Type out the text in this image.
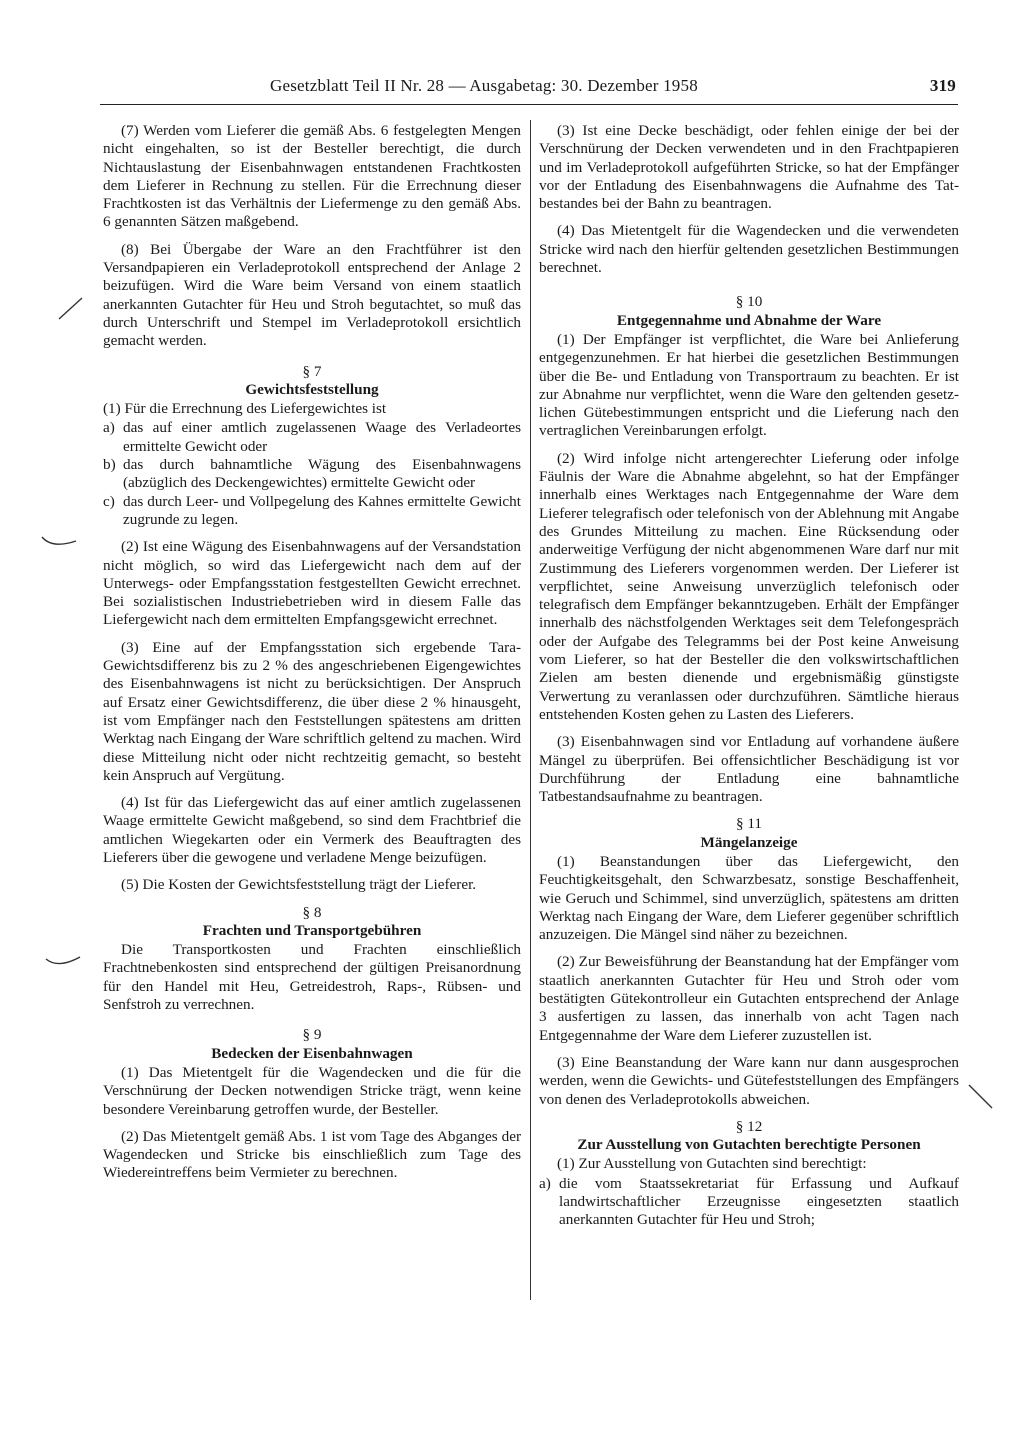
Gesetzblatt Teil II Nr. 28 — Ausgabetag: 30. Dezember 1958	319

(7) Werden vom Lieferer die gemäß Abs. 6 festgelegten Mengen nicht eingehalten, so ist der Besteller berechtigt, die durch Nichtauslastung der Eisenbahnwagen entstandenen Frachtkosten dem Lieferer in Rechnung zu stellen. Für die Errechnung dieser Frachtkosten ist das Verhältnis der Liefermenge zu den gemäß Abs. 6 genannten Sätzen maßgebend.

(8) Bei Übergabe der Ware an den Frachtführer ist den Versandpapieren ein Verladeprotokoll entsprechend der Anlage 2 beizufügen. Wird die Ware beim Versand von einem staatlich anerkannten Gutachter für Heu und Stroh begutachtet, so muß das durch Unterschrift und Stempel im Verladeprotokoll ersichtlich gemacht werden.

§ 7
Gewichtsfeststellung

(1) Für die Errechnung des Liefergewichtes ist

a) das auf einer amtlich zugelassenen Waage des Verladeortes ermittelte Gewicht oder
b) das durch bahnamtliche Wägung des Eisenbahnwagens (abzüglich des Deckengewichtes) ermittelte Gewicht oder
c) das durch Leer- und Vollpegelung des Kahnes ermittelte Gewicht zugrunde zu legen.

(2) Ist eine Wägung des Eisenbahnwagens auf der Versandstation nicht möglich, so wird das Liefergewicht nach dem auf der Unterwegs- oder Empfangsstation festgestellten Gewicht errechnet. Bei sozialistischen Industriebetrieben wird in diesem Falle das Liefergewicht nach dem ermittelten Empfangsgewicht errechnet.

(3) Eine auf der Empfangsstation sich ergebende Tara-Gewichtsdifferenz bis zu 2 % des angeschriebenen Eigengewichtes des Eisenbahnwagens ist nicht zu berücksichtigen. Der Anspruch auf Ersatz einer Gewichtsdifferenz, die über diese 2 % hinausgeht, ist vom Empfänger nach den Feststellungen spätestens am dritten Werktag nach Eingang der Ware schriftlich geltend zu machen. Wird diese Mitteilung nicht oder nicht rechtzeitig gemacht, so besteht kein Anspruch auf Vergütung.

(4) Ist für das Liefergewicht das auf einer amtlich zugelassenen Waage ermittelte Gewicht maßgebend, so sind dem Frachtbrief die amtlichen Wiegekarten oder ein Vermerk des Beauftragten des Lieferers über die gewogene und verladene Menge beizufügen.

(5) Die Kosten der Gewichtsfeststellung trägt der Lieferer.

§ 8
Frachten und Transportgebühren

Die Transportkosten und Frachten einschließlich Frachtnebenkosten sind entsprechend der gültigen Preisanordnung für den Handel mit Heu, Getreidestroh, Raps-, Rübsen- und Senfstroh zu verrechnen.

§ 9
Bedecken der Eisenbahnwagen

(1) Das Mietentgelt für die Wagendecken und die für die Verschnürung der Decken notwendigen Stricke trägt, wenn keine besondere Vereinbarung getroffen wurde, der Besteller.

(2) Das Mietentgelt gemäß Abs. 1 ist vom Tage des Abganges der Wagendecken und Stricke bis einschließlich zum Tage des Wiedereintreffens beim Vermieter zu berechnen.

(3) Ist eine Decke beschädigt, oder fehlen einige der bei der Verschnürung der Decken verwendeten und in den Frachtpapieren und im Verladeprotokoll aufgeführten Stricke, so hat der Empfänger vor der Entladung des Eisenbahnwagens die Aufnahme des Tatbestandes bei der Bahn zu beantragen.

(4) Das Mietentgelt für die Wagendecken und die verwendeten Stricke wird nach den hierfür geltenden gesetzlichen Bestimmungen berechnet.

§ 10
Entgegennahme und Abnahme der Ware

(1) Der Empfänger ist verpflichtet, die Ware bei Anlieferung entgegenzunehmen. Er hat hierbei die gesetzlichen Bestimmungen über die Be- und Entladung von Transportraum zu beachten. Er ist zur Abnahme nur verpflichtet, wenn die Ware den geltenden gesetzlichen Gütebestimmungen entspricht und die Lieferung nach den vertraglichen Vereinbarungen erfolgt.

(2) Wird infolge nicht artengerechter Lieferung oder infolge Fäulnis der Ware die Abnahme abgelehnt, so hat der Empfänger innerhalb eines Werktages nach Entgegennahme der Ware dem Lieferer telegrafisch oder telefonisch von der Ablehnung mit Angabe des Grundes Mitteilung zu machen. Eine Rücksendung oder anderweitige Verfügung der nicht abgenommenen Ware darf nur mit Zustimmung des Lieferers vorgenommen werden. Der Lieferer ist verpflichtet, seine Anweisung unverzüglich telefonisch oder telegrafisch dem Empfänger bekanntzugeben. Erhält der Empfänger innerhalb des nächstfolgenden Werktages seit dem Telefongespräch oder der Aufgabe des Telegramms bei der Post keine Anweisung vom Lieferer, so hat der Besteller die den volkswirtschaftlichen Zielen am besten dienende und ergebnismäßig günstigste Verwertung zu veranlassen oder durchzuführen. Sämtliche hieraus entstehenden Kosten gehen zu Lasten des Lieferers.

(3) Eisenbahnwagen sind vor Entladung auf vorhandene äußere Mängel zu überprüfen. Bei offensichtlicher Beschädigung ist vor Durchführung der Entladung eine bahnamtliche Tatbestandsaufnahme zu beantragen.

§ 11
Mängelanzeige

(1) Beanstandungen über das Liefergewicht, den Feuchtigkeitsgehalt, den Schwarzbesatz, sonstige Beschaffenheit, wie Geruch und Schimmel, sind unverzüglich, spätestens am dritten Werktag nach Eingang der Ware, dem Lieferer gegenüber schriftlich anzuzeigen. Die Mängel sind näher zu bezeichnen.

(2) Zur Beweisführung der Beanstandung hat der Empfänger vom staatlich anerkannten Gutachter für Heu und Stroh oder vom bestätigten Gütekontrolleur ein Gutachten entsprechend der Anlage 3 ausfertigen zu lassen, das innerhalb von acht Tagen nach Entgegennahme der Ware dem Lieferer zuzustellen ist.

(3) Eine Beanstandung der Ware kann nur dann ausgesprochen werden, wenn die Gewichts- und Gütefeststellungen des Empfängers von denen des Verladeprotokolls abweichen.

§ 12
Zur Ausstellung von Gutachten berechtigte Personen

(1) Zur Ausstellung von Gutachten sind berechtigt:

a) die vom Staatssekretariat für Erfassung und Aufkauf landwirtschaftlicher Erzeugnisse eingesetzten staatlich anerkannten Gutachter für Heu und Stroh;
